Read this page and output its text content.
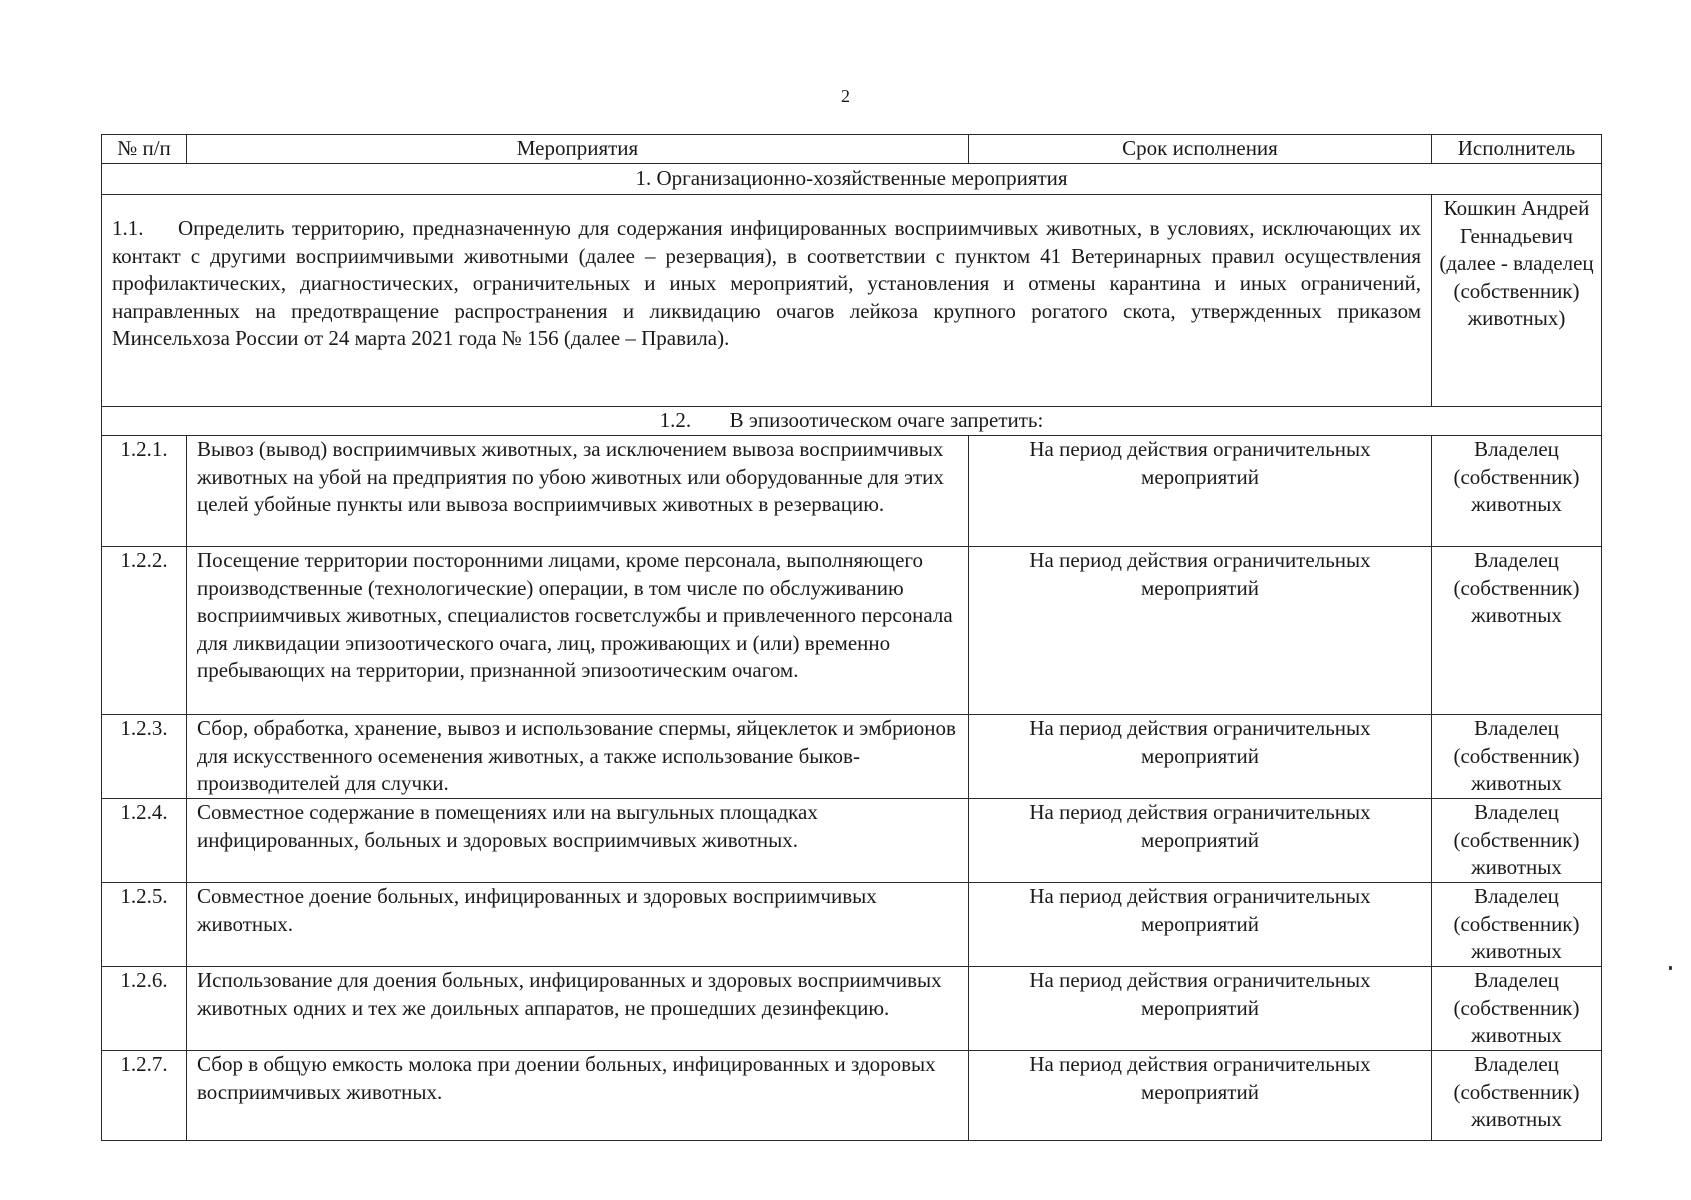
2
№ п/п	Мероприятия	Срок исполнения	Исполнитель
1. Организационно-хозяйственные мероприятия			
1.1. Определить территорию, предназначенную для содержания инфицированных восприимчивых животных, в условиях, исключающих их контакт с другими восприимчивыми животными (далее – резервация), в соответствии с пунктом 41 Ветеринарных правил осуществления профилактических, диагностических, ограничительных и иных мероприятий, установления и отмены карантина и иных ограничений, направленных на предотвращение распространения и ликвидацию очагов лейкоза крупного рогатого скота, утвержденных приказом Минсельхоза России от 24 марта 2021 года № 156 (далее – Правила).			Кошкин Андрей Геннадьевич (далее - владелец (собственник) животных)
1.2. В эпизоотическом очаге запретить:			
1.2.1.	Вывоз (вывод) восприимчивых животных, за исключением вывоза восприимчивых животных на убой на предприятия по убою животных или оборудованные для этих целей убойные пункты или вывоза восприимчивых животных в резервацию.	На период действия ограничительных мероприятий	Владелец (собственник) животных
1.2.2.	Посещение территории посторонними лицами, кроме персонала, выполняющего производственные (технологические) операции, в том числе по обслуживанию восприимчивых животных, специалистов госветслужбы и привлеченного персонала для ликвидации эпизоотического очага, лиц, проживающих и (или) временно пребывающих на территории, признанной эпизоотическим очагом.	На период действия ограничительных мероприятий	Владелец (собственник) животных
1.2.3.	Сбор, обработка, хранение, вывоз и использование спермы, яйцеклеток и эмбрионов для искусственного осеменения животных, а также использование быков-производителей для случки.	На период действия ограничительных мероприятий	Владелец (собственник) животных
1.2.4.	Совместное содержание в помещениях или на выгульных площадках инфицированных, больных и здоровых восприимчивых животных.	На период действия ограничительных мероприятий	Владелец (собственник) животных
1.2.5.	Совместное доение больных, инфицированных и здоровых восприимчивых животных.	На период действия ограничительных мероприятий	Владелец (собственник) животных
1.2.6.	Использование для доения больных, инфицированных и здоровых восприимчивых животных одних и тех же доильных аппаратов, не прошедших дезинфекцию.	На период действия ограничительных мероприятий	Владелец (собственник) животных
1.2.7.	Сбор в общую емкость молока при доении больных, инфицированных и здоровых восприимчивых животных.	На период действия ограничительных мероприятий	Владелец (собственник) животных
